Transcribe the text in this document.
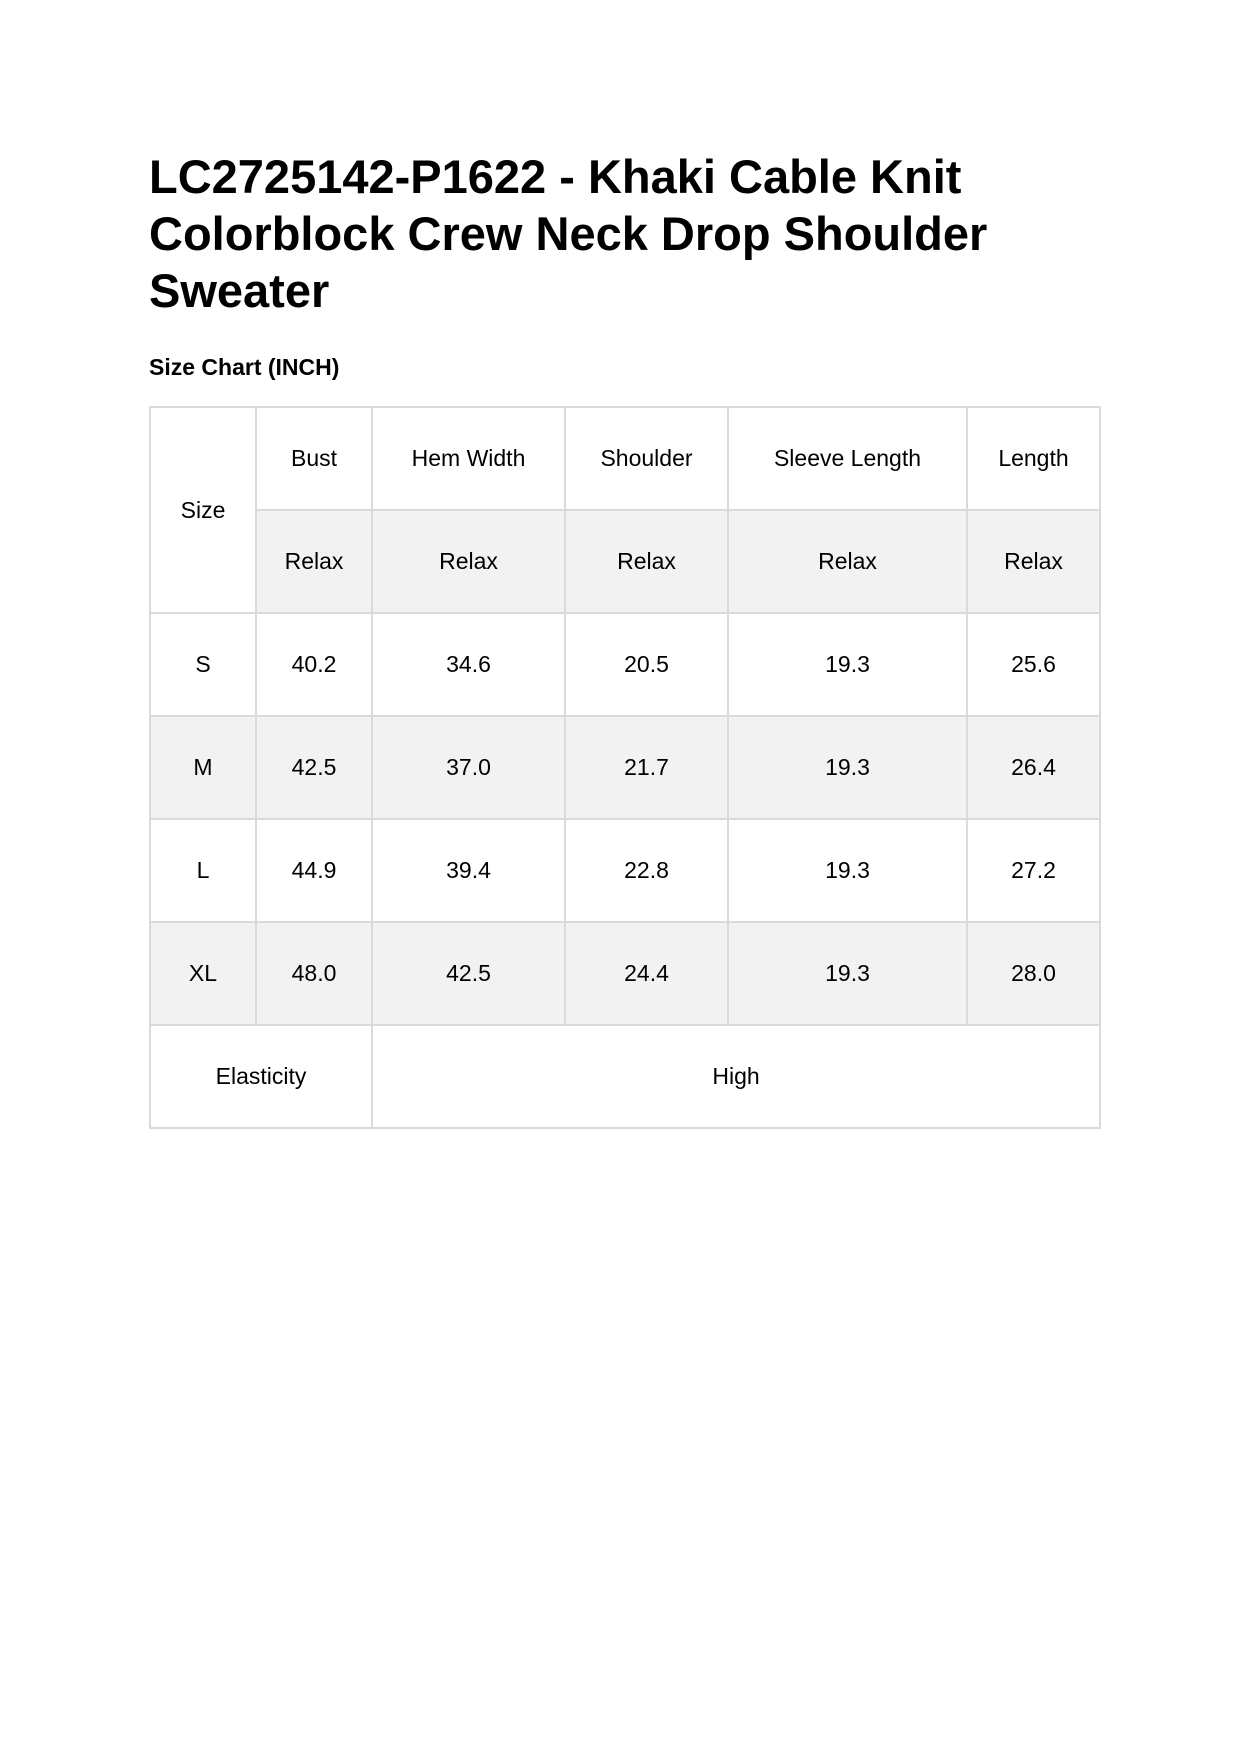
LC2725142-P1622 - Khaki Cable Knit Colorblock Crew Neck Drop Shoulder Sweater
Size Chart (INCH)
Size	Bust	Hem Width	Shoulder	Sleeve Length	Length
	Relax	Relax	Relax	Relax	Relax
S	40.2	34.6	20.5	19.3	25.6
M	42.5	37.0	21.7	19.3	26.4
L	44.9	39.4	22.8	19.3	27.2
XL	48.0	42.5	24.4	19.3	28.0
Elasticity		High			
